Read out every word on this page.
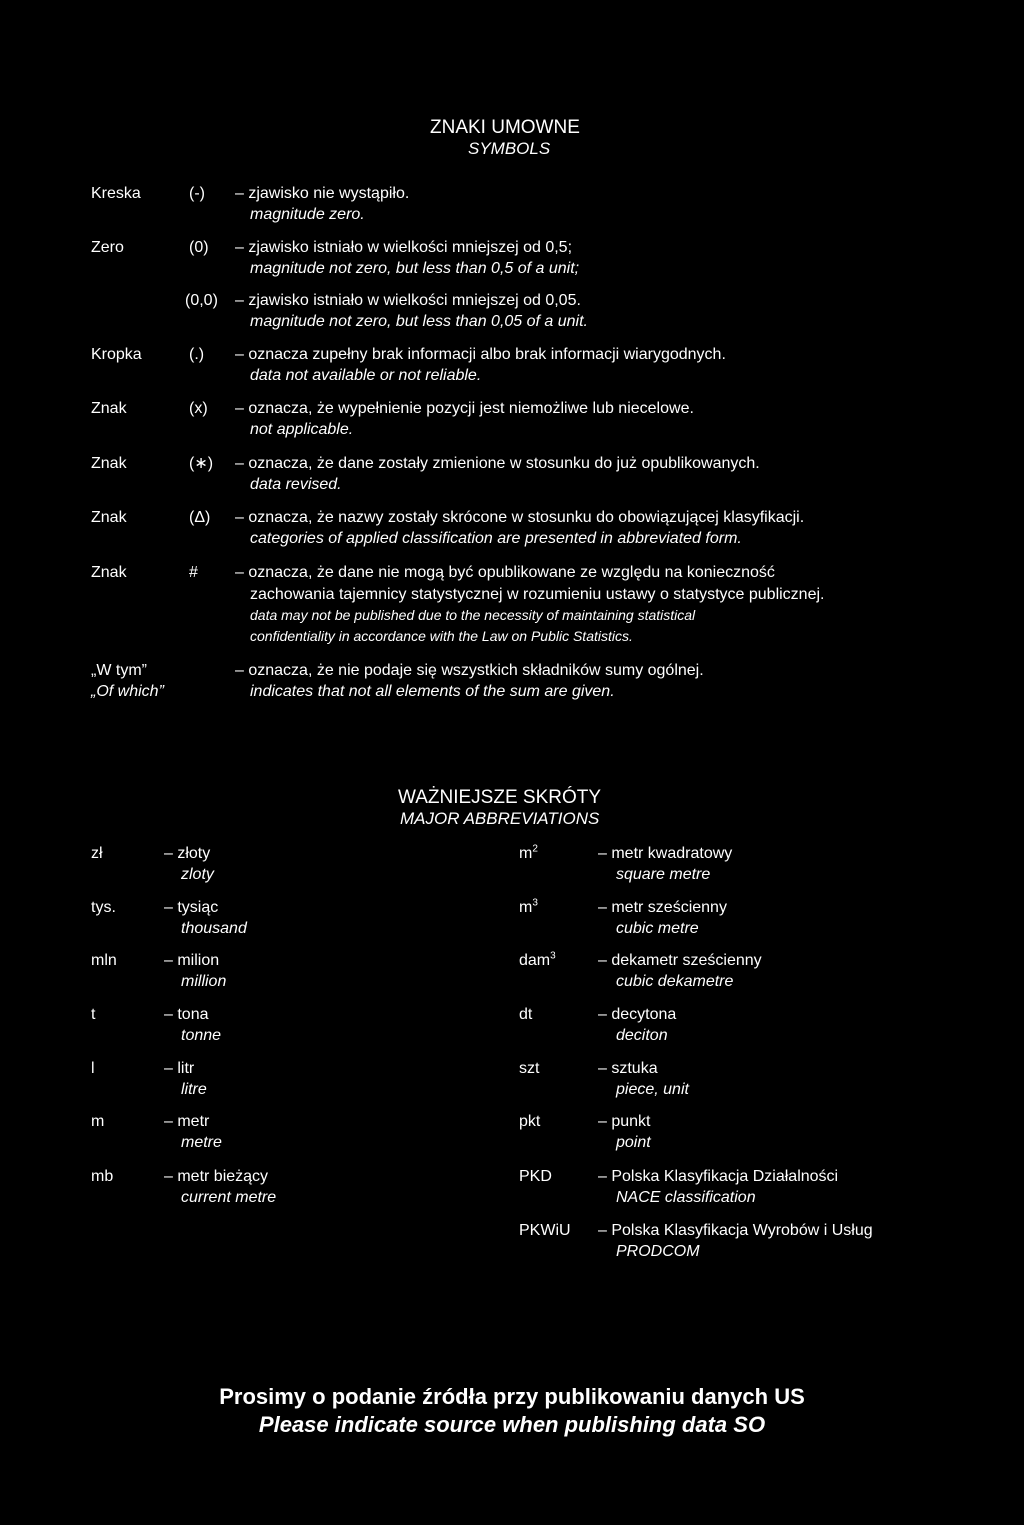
ZNAKI UMOWNE
SYMBOLS
Kreska	(-) – zjawisko nie wystąpiło.
magnitude zero.
Zero	(0) – zjawisko istniało w wielkości mniejszej od 0,5;
magnitude not zero, but less than 0,5 of a unit;
(0,0) – zjawisko istniało w wielkości mniejszej od 0,05.
magnitude not zero, but less than 0,05 of a unit.
Kropka	(.) – oznacza zupełny brak informacji albo brak informacji wiarygodnych.
data not available or not reliable.
Znak	(x) – oznacza, że wypełnienie pozycji jest niemożliwe lub niecelowe.
not applicable.
Znak	(∗) – oznacza, że dane zostały zmienione w stosunku do już opublikowanych.
data revised.
Znak	(Δ) – oznacza, że nazwy zostały skrócone w stosunku do obowiązującej klasyfikacji.
categories of applied classification are presented in abbreviated form.
Znak	# – oznacza, że dane nie mogą być opublikowane ze względu na konieczność
zachowania tajemnicy statystycznej w rozumieniu ustawy o statystyce publicznej.
data may not be published due to the necessity of maintaining statistical
confidentiality in accordance with the Law on Public Statistics.
„W tym”
„Of which”
– oznacza, że nie podaje się wszystkich składników sumy ogólnej.
indicates that not all elements of the sum are given.
WAŻNIEJSZE SKRÓTY
MAJOR ABBREVIATIONS
zł	– złoty
zloty
tys.	– tysiąc
thousand
mln	– milion
million
t	– tona
tonne
l	– litr
litre
m	– metr
metre
mb	– metr bieżący
current metre
$m^2$	– metr kwadratowy
square metre
$m^3$	– metr sześcienny
cubic metre
dam$^3$	– dekametr sześcienny
cubic dekametre
dt	– decytona
deciton
szt	– sztuka
piece, unit
pkt	– punkt
point
PKD	– Polska Klasyfikacja Działalności
NACE classification
PKWiU – Polska Klasyfikacja Wyrobów i Usług
PRODCOM
Prosimy o podanie źródła przy publikowaniu danych US
Please indicate source when publishing data SO
